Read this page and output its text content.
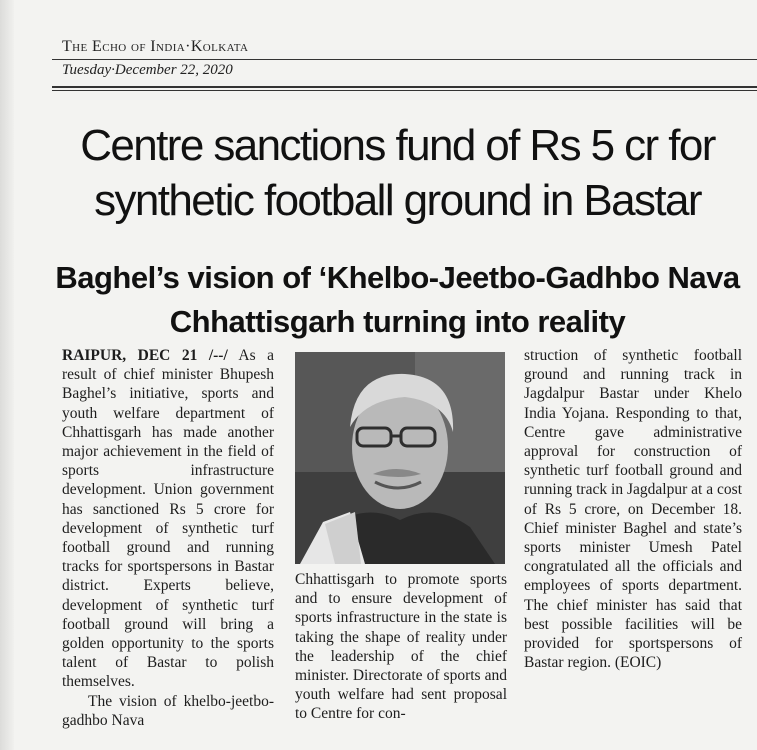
The Echo of India·Kolkata
Tuesday·December 22, 2020
Centre sanctions fund of Rs 5 cr for synthetic football ground in Bastar
Baghel’s vision of ‘Khelbo-Jeetbo-Gadhbo Nava Chhattisgarh turning into reality

RAIPUR, DEC 21 /--/ As a result of chief minister Bhupesh Baghel’s initiative, sports and youth welfare department of Chhattisgarh has made another major achievement in the field of sports infrastructure development. Union government has sanctioned Rs 5 crore for development of synthetic turf football ground and running tracks for sportspersons in Bastar district. Experts believe, development of synthetic turf football ground will bring a golden opportunity to the sports talent of Bastar to polish themselves.

The vision of khelbo-jeetbo-gadhbo Nava

Chhattisgarh to promote sports and to ensure development of sports infrastructure in the state is taking the shape of reality under the leadership of the chief minister. Directorate of sports and youth welfare had sent proposal to Centre for con-

struction of synthetic football ground and running track in Jagdalpur Bastar under Khelo India Yojana. Responding to that, Centre gave administrative approval for construction of synthetic turf football ground and running track in Jagdalpur at a cost of Rs 5 crore, on December 18. Chief minister Baghel and state’s sports minister Umesh Patel congratulated all the officials and employees of sports department. The chief minister has said that best possible facilities will be provided for sportspersons of Bastar region. (EOIC)
